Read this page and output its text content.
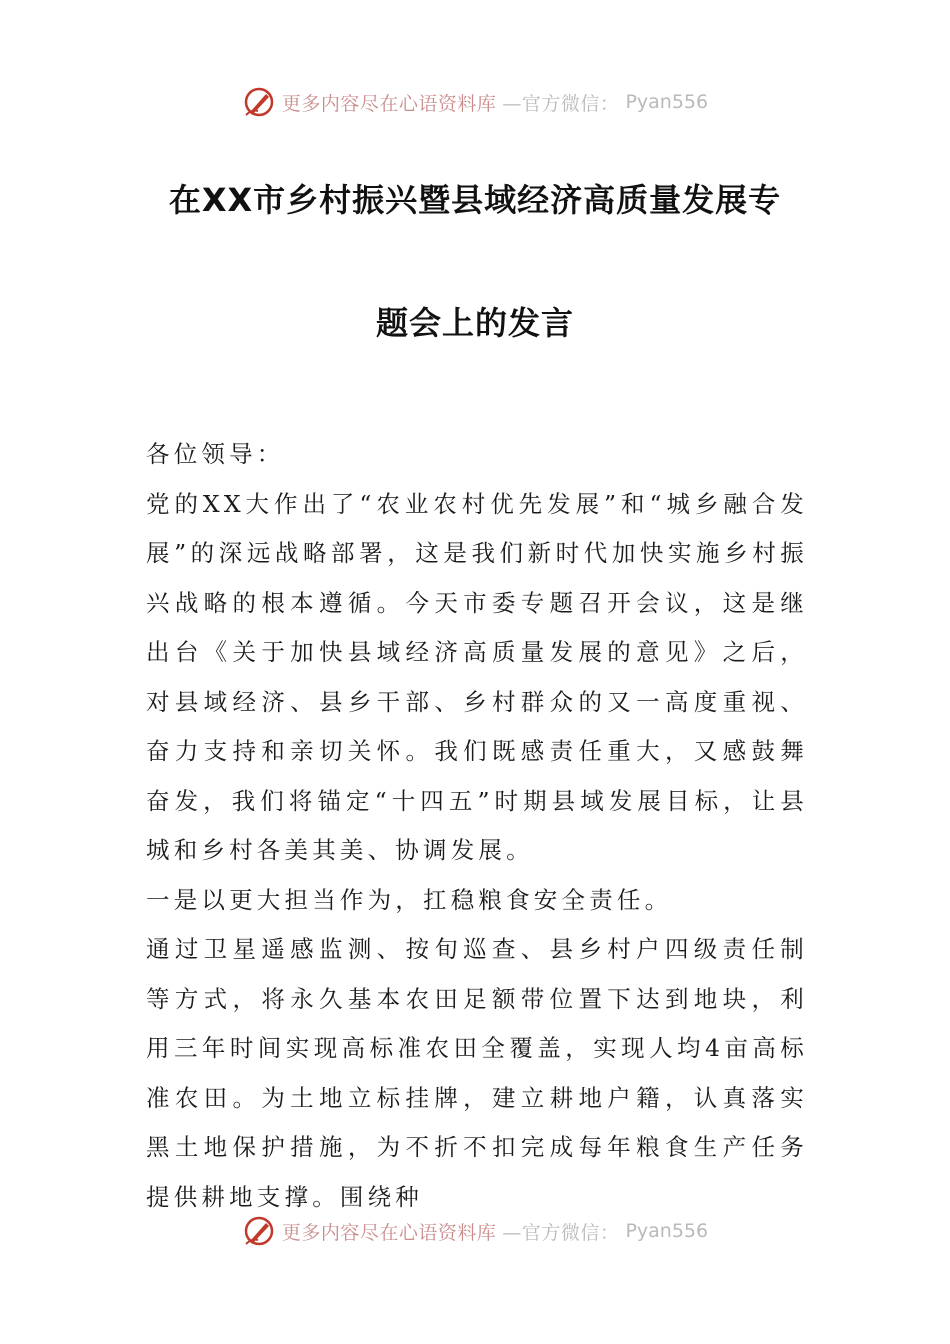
更多内容尽在心语资料库 —官方微信： Pyan556
在XX市乡村振兴暨县域经济高质量发展专
题会上的发言

各位领导：

党的XX大作出了“农业农村优先发展”和“城乡融合发展”的深远战略部署，这是我们新时代加快实施乡村振兴战略的根本遵循。今天市委专题召开会议，这是继出台《关于加快县域经济高质量发展的意见》之后，对县域经济、县乡干部、乡村群众的又一高度重视、奋力支持和亲切关怀。我们既感责任重大，又感鼓舞奋发，我们将锚定“十四五”时期县域发展目标，让县城和乡村各美其美、协调发展。

一是以更大担当作为，扛稳粮食安全责任。

通过卫星遥感监测、按旬巡查、县乡村户四级责任制等方式，将永久基本农田足额带位置下达到地块，利用三年时间实现高标准农田全覆盖，实现人均4亩高标准农田。为土地立标挂牌，建立耕地户籍，认真落实黑土地保护措施，为不折不扣完成每年粮食生产任务提供耕地支撑。围绕种

更多内容尽在心语资料库 —官方微信： Pyan556
